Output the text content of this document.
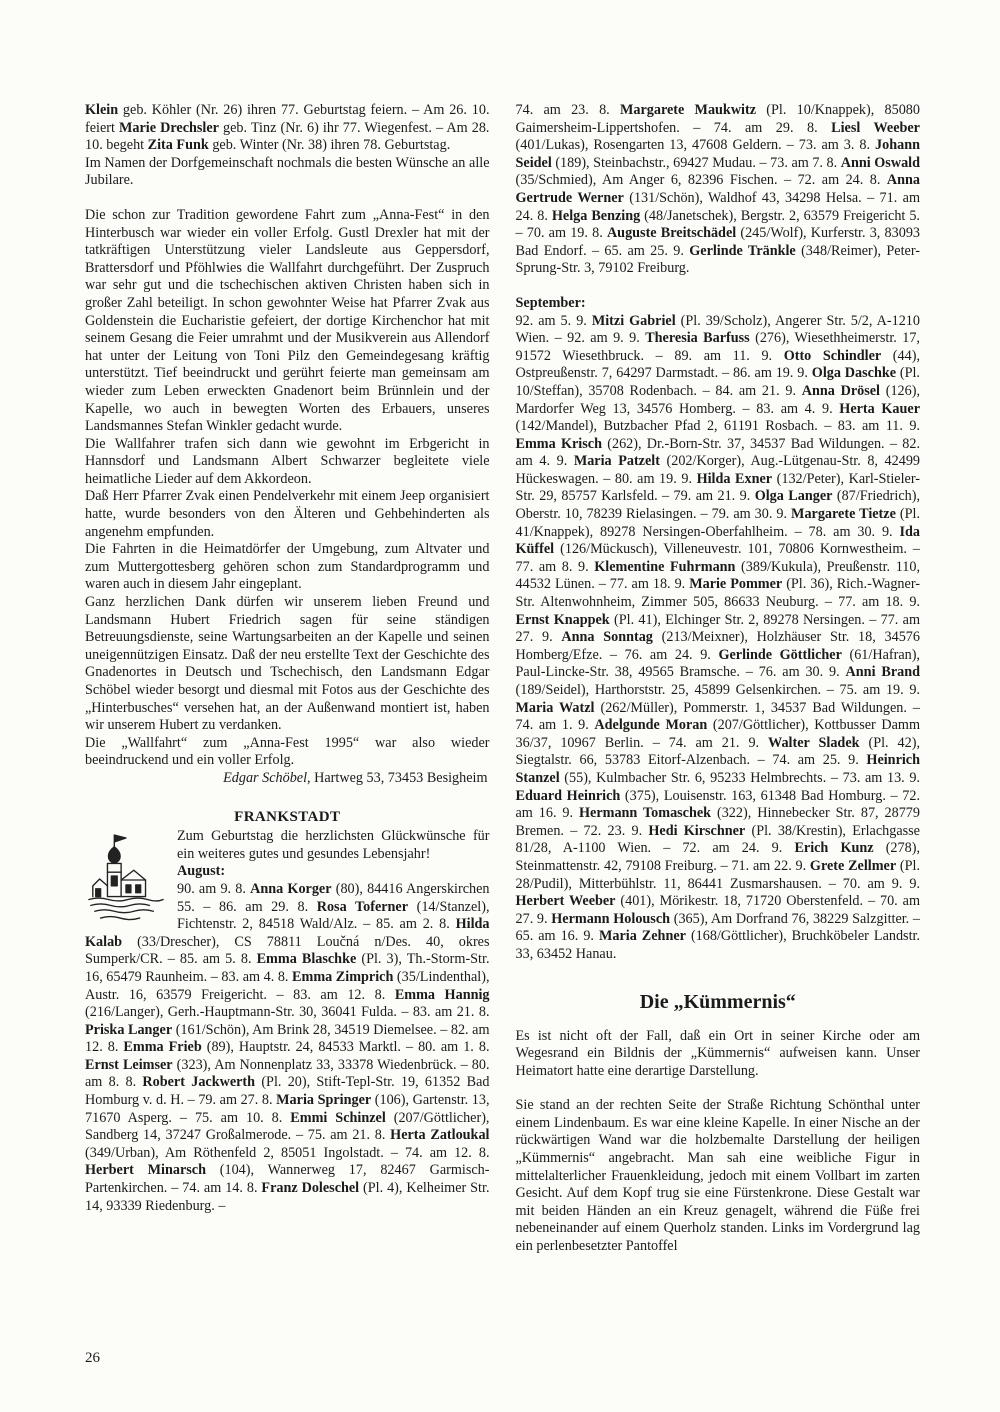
Klein geb. Köhler (Nr. 26) ihren 77. Geburtstag feiern. – Am 26. 10. feiert Marie Drechsler geb. Tinz (Nr. 6) ihr 77. Wiegenfest. – Am 28. 10. begeht Zita Funk geb. Winter (Nr. 38) ihren 78. Geburtstag.
Im Namen der Dorfgemeinschaft nochmals die besten Wünsche an alle Jubilare.
Die schon zur Tradition gewordene Fahrt zum „Anna-Fest“ in den Hinterbusch war wieder ein voller Erfolg. Gustl Drexler hat mit der tatkräftigen Unterstützung vieler Landsleute aus Geppersdorf, Brattersdorf und Pföhlwies die Wallfahrt durchgeführt. Der Zuspruch war sehr gut und die tschechischen aktiven Christen haben sich in großer Zahl beteiligt. In schon gewohnter Weise hat Pfarrer Zvak aus Goldenstein die Eucharistie gefeiert, der dortige Kirchenchor hat mit seinem Gesang die Feier umrahmt und der Musikverein aus Allendorf hat unter der Leitung von Toni Pilz den Gemeindegesang kräftig unterstützt. Tief beeindruckt und gerührt feierte man gemeinsam am wieder zum Leben erweckten Gnadenort beim Brünnlein und der Kapelle, wo auch in bewegten Worten des Erbauers, unseres Landsmannes Stefan Winkler gedacht wurde.
Die Wallfahrer trafen sich dann wie gewohnt im Erbgericht in Hannsdorf und Landsmann Albert Schwarzer begleitete viele heimatliche Lieder auf dem Akkordeon.
Daß Herr Pfarrer Zvak einen Pendelverkehr mit einem Jeep organisiert hatte, wurde besonders von den Älteren und Gehbehinderten als angenehm empfunden.
Die Fahrten in die Heimatdörfer der Umgebung, zum Altvater und zum Muttergottesberg gehören schon zum Standardprogramm und waren auch in diesem Jahr eingeplant.
Ganz herzlichen Dank dürfen wir unserem lieben Freund und Landsmann Hubert Friedrich sagen für seine ständigen Betreuungsdienste, seine Wartungsarbeiten an der Kapelle und seinen uneigennützigen Einsatz. Daß der neu erstellte Text der Geschichte des Gnadenortes in Deutsch und Tschechisch, den Landsmann Edgar Schöbel wieder besorgt und diesmal mit Fotos aus der Geschichte des „Hinterbusches“ versehen hat, an der Außenwand montiert ist, haben wir unserem Hubert zu verdanken.
Die „Wallfahrt“ zum „Anna-Fest 1995“ war also wieder beeindruckend und ein voller Erfolg.
Edgar Schöbel, Hartweg 53, 73453 Besigheim
FRANKSTADT
Zum Geburtstag die herzlichsten Glückwünsche für ein weiteres gutes und gesundes Lebensjahr!
August:
90. am 9. 8. Anna Korger (80), 84416 Angerskirchen 55. – 86. am 29. 8. Rosa Toferner (14/Stanzel), Fichtenstr. 2, 84518 Wald/Alz. – 85. am 2. 8. Hilda Kalab (33/Drescher), CS 78811 Loučná n/Des. 40, okres Sumperk/CR. – 85. am 5. 8. Emma Blaschke (Pl. 3), Th.-Storm-Str. 16, 65479 Raunheim. – 83. am 4. 8. Emma Zimprich (35/Lindenthal), Austr. 16, 63579 Freigericht. – 83. am 12. 8. Emma Hannig (216/Langer), Gerh.-Hauptmann-Str. 30, 36041 Fulda. – 83. am 21. 8. Priska Langer (161/Schön), Am Brink 28, 34519 Diemelsee. – 82. am 12. 8. Emma Frieb (89), Hauptstr. 24, 84533 Marktl. – 80. am 1. 8. Ernst Leimser (323), Am Nonnenplatz 33, 33378 Wiedenbrück. – 80. am 8. 8. Robert Jackwerth (Pl. 20), Stift-Tepl-Str. 19, 61352 Bad Homburg v. d. H. – 79. am 27. 8. Maria Springer (106), Gartenstr. 13, 71670 Asperg. – 75. am 10. 8. Emmi Schinzel (207/Göttlicher), Sandberg 14, 37247 Großalmerode. – 75. am 21. 8. Herta Zatloukal (349/Urban), Am Röthenfeld 2, 85051 Ingolstadt. – 74. am 12. 8. Herbert Minarsch (104), Wannerweg 17, 82467 Garmisch-Partenkirchen. – 74. am 14. 8. Franz Doleschel (Pl. 4), Kelheimer Str. 14, 93339 Riedenburg. –
74. am 23. 8. Margarete Maukwitz (Pl. 10/Knappek), 85080 Gaimersheim-Lippertshofen. – 74. am 29. 8. Liesl Weeber (401/Lukas), Rosengarten 13, 47608 Geldern. – 73. am 3. 8. Johann Seidel (189), Steinbachstr., 69427 Mudau. – 73. am 7. 8. Anni Oswald (35/Schmied), Am Anger 6, 82396 Fischen. – 72. am 24. 8. Anna Gertrude Werner (131/Schön), Waldhof 43, 34298 Helsa. – 71. am 24. 8. Helga Benzing (48/Janetschek), Bergstr. 2, 63579 Freigericht 5. – 70. am 19. 8. Auguste Breitschädel (245/Wolf), Kurferstr. 3, 83093 Bad Endorf. – 65. am 25. 9. Gerlinde Tränkle (348/Reimer), Peter-Sprung-Str. 3, 79102 Freiburg.
September:
92. am 5. 9. Mitzi Gabriel (Pl. 39/Scholz), Angerer Str. 5/2, A-1210 Wien. – 92. am 9. 9. Theresia Barfuss (276), Wiesethheimerstr. 17, 91572 Wiesethbruck. – 89. am 11. 9. Otto Schindler (44), Ostpreußenstr. 7, 64297 Darmstadt. – 86. am 19. 9. Olga Daschke (Pl. 10/Steffan), 35708 Rodenbach. – 84. am 21. 9. Anna Drösel (126), Mardorfer Weg 13, 34576 Homberg. – 83. am 4. 9. Herta Kauer (142/Mandel), Butzbacher Pfad 2, 61191 Rosbach. – 83. am 11. 9. Emma Krisch (262), Dr.-Born-Str. 37, 34537 Bad Wildungen. – 82. am 4. 9. Maria Patzelt (202/Korger), Aug.-Lütgenau-Str. 8, 42499 Hückeswagen. – 80. am 19. 9. Hilda Exner (132/Peter), Karl-Stieler-Str. 29, 85757 Karlsfeld. – 79. am 21. 9. Olga Langer (87/Friedrich), Oberstr. 10, 78239 Rielasingen. – 79. am 30. 9. Margarete Tietze (Pl. 41/Knappek), 89278 Nersingen-Oberfahlheim. – 78. am 30. 9. Ida Küffel (126/Mückusch), Villeneuvestr. 101, 70806 Kornwestheim. – 77. am 8. 9. Klementine Fuhrmann (389/Kukula), Preußenstr. 110, 44532 Lünen. – 77. am 18. 9. Marie Pommer (Pl. 36), Rich.-Wagner-Str. Altenwohnheim, Zimmer 505, 86633 Neuburg. – 77. am 18. 9. Ernst Knappek (Pl. 41), Elchinger Str. 2, 89278 Nersingen. – 77. am 27. 9. Anna Sonntag (213/Meixner), Holzhäuser Str. 18, 34576 Homberg/Efze. – 76. am 24. 9. Gerlinde Göttlicher (61/Hafran), Paul-Lincke-Str. 38, 49565 Bramsche. – 76. am 30. 9. Anni Brand (189/Seidel), Harthorststr. 25, 45899 Gelsenkirchen. – 75. am 19. 9. Maria Watzl (262/Müller), Pommerstr. 1, 34537 Bad Wildungen. – 74. am 1. 9. Adelgunde Moran (207/Göttlicher), Kottbusser Damm 36/37, 10967 Berlin. – 74. am 21. 9. Walter Sladek (Pl. 42), Siegtalstr. 66, 53783 Eitorf-Alzenbach. – 74. am 25. 9. Heinrich Stanzel (55), Kulmbacher Str. 6, 95233 Helmbrechts. – 73. am 13. 9. Eduard Heinrich (375), Louisenstr. 163, 61348 Bad Homburg. – 72. am 16. 9. Hermann Tomaschek (322), Hinnebecker Str. 87, 28779 Bremen. – 72. 23. 9. Hedi Kirschner (Pl. 38/Krestin), Erlachgasse 81/28, A-1100 Wien. – 72. am 24. 9. Erich Kunz (278), Steinmattenstr. 42, 79108 Freiburg. – 71. am 22. 9. Grete Zellmer (Pl. 28/Pudil), Mitterbühlstr. 11, 86441 Zusmarshausen. – 70. am 9. 9. Herbert Weeber (401), Mörikestr. 18, 71720 Oberstenfeld. – 70. am 27. 9. Hermann Holousch (365), Am Dorfrand 76, 38229 Salzgitter. – 65. am 16. 9. Maria Zehner (168/Göttlicher), Bruchköbeler Landstr. 33, 63452 Hanau.
Die „Kümmernis“
Es ist nicht oft der Fall, daß ein Ort in seiner Kirche oder am Wegesrand ein Bildnis der „Kümmernis“ aufweisen kann. Unser Heimatort hatte eine derartige Darstellung.
Sie stand an der rechten Seite der Straße Richtung Schönthal unter einem Lindenbaum. Es war eine kleine Kapelle. In einer Nische an der rückwärtigen Wand war die holzbemalte Darstellung der heiligen „Kümmernis“ angebracht. Man sah eine weibliche Figur in mittelalterlicher Frauenkleidung, jedoch mit einem Vollbart im zarten Gesicht. Auf dem Kopf trug sie eine Fürstenkrone. Diese Gestalt war mit beiden Händen an ein Kreuz genagelt, während die Füße frei nebeneinander auf einem Querholz standen. Links im Vordergrund lag ein perlenbesetzter Pantoffel
26
